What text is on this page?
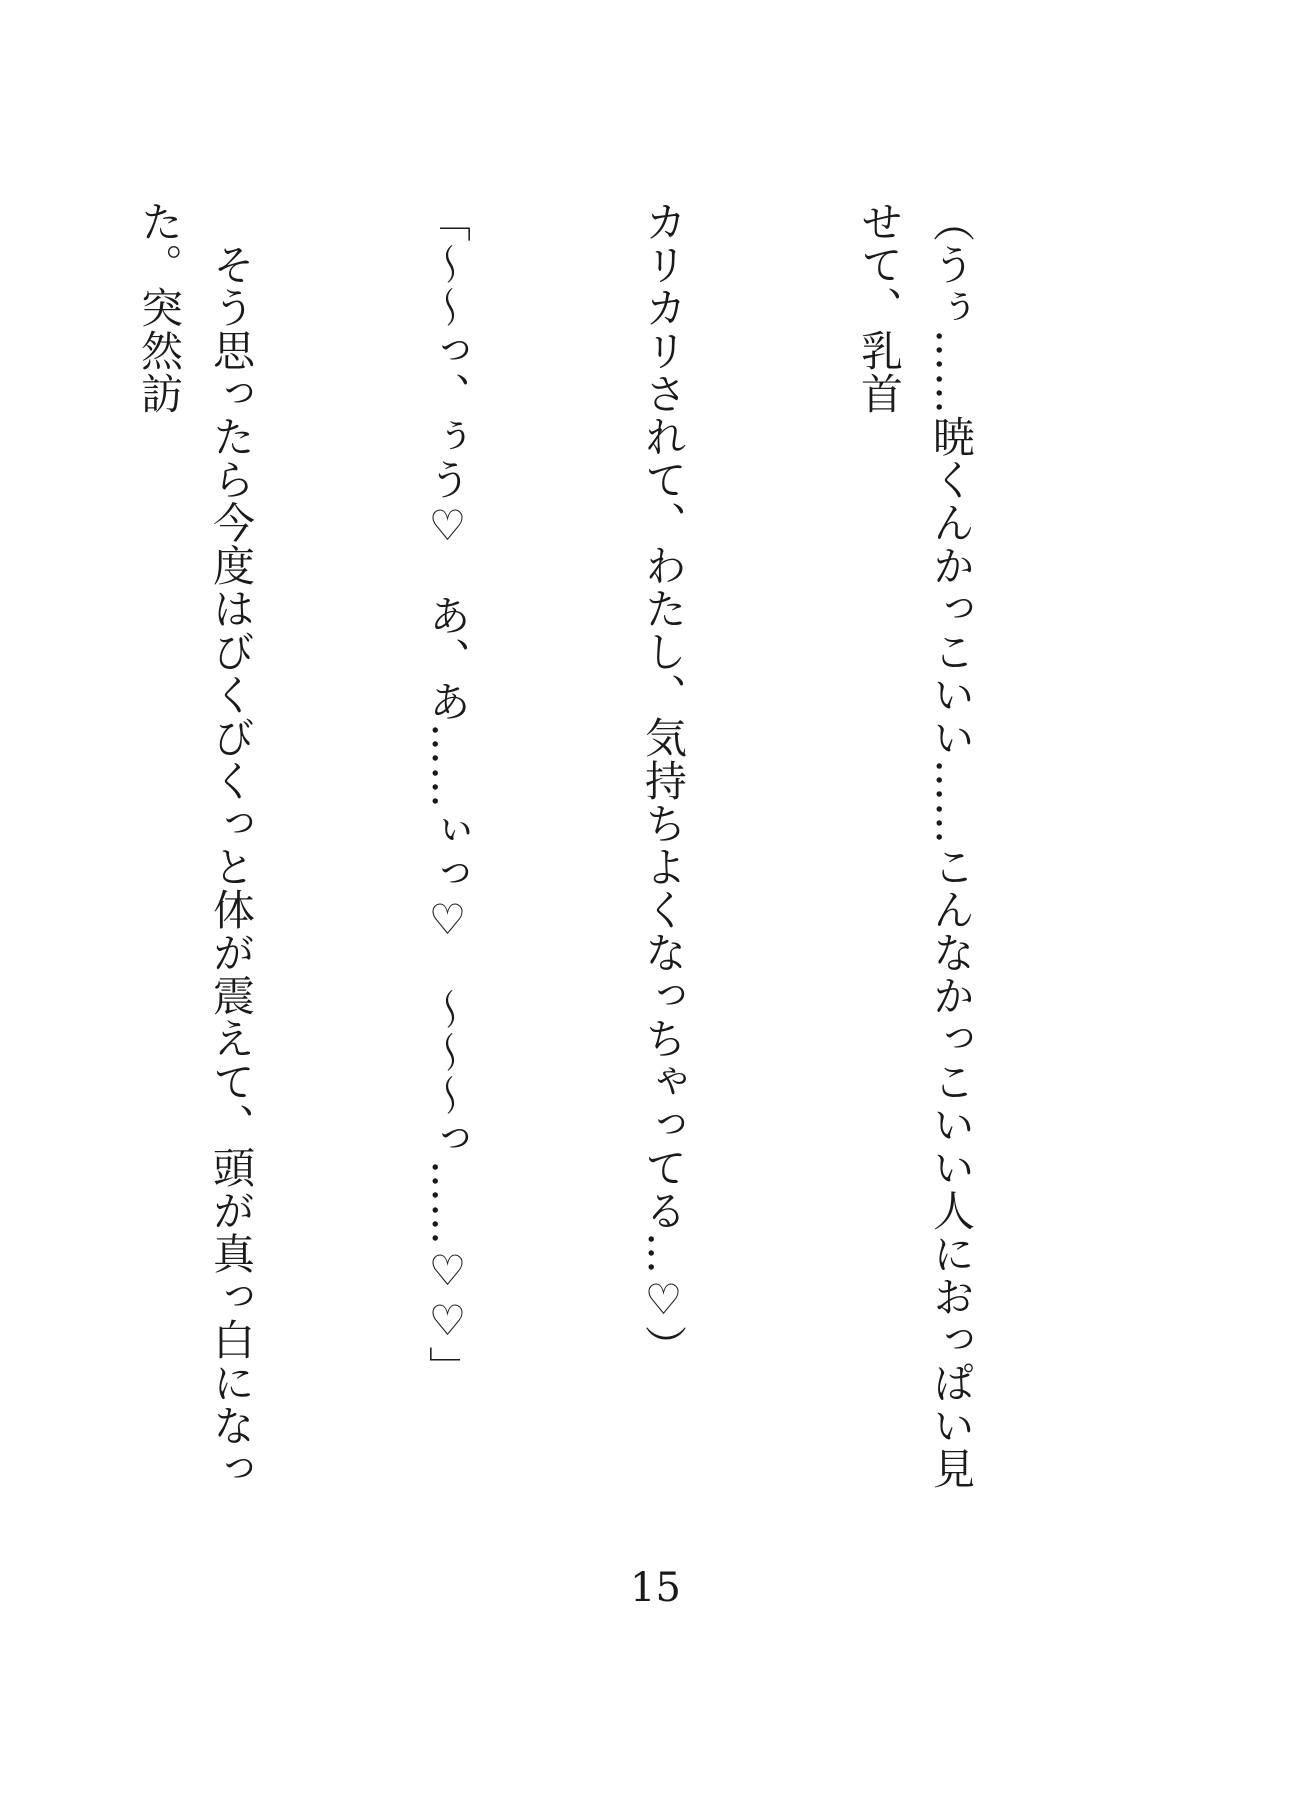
（うぅ……暁くんかっこいい……こんなかっこいい人におっぱい見せて、乳首

カリカリされて、わたし、気持ちよくなっちゃってる…♡）

「～～っ、ぅう♡　あ、あ……ぃっ♡　～～～っ……♡♡」

　そう思ったら今度はびくびくっと体が震えて、頭が真っ白になった。突然訪

15
